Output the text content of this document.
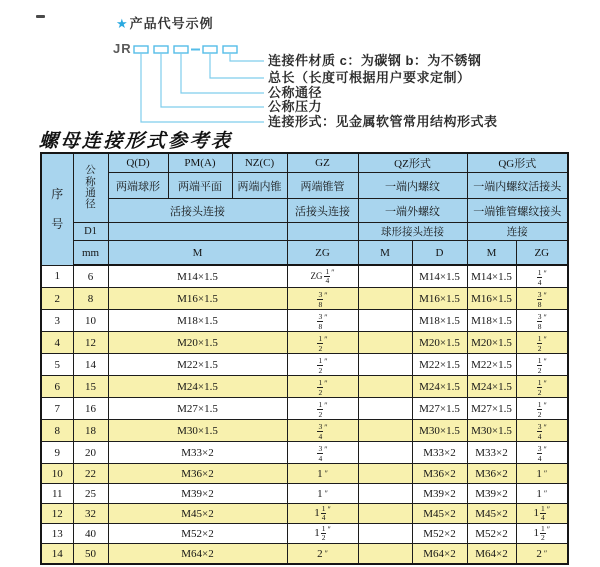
★产品代号示例
JR
连接件材质 c：为碳钢 b：为不锈钢
总长（长度可根据用户要求定制）
公称通径
公称压力
连接形式：见金属软管常用结构形式表
螺母连接形式参考表
序
号	公
称
通
径	Q(D)	PM(A)	NZ(C)	GZ	QZ形式		QG形式	
		两端球形	两端平面	两端内锥	两端锥管	一端内螺纹		一端内螺纹活接头	
		活接头连接			活接头连接	一端外螺纹		一端锥管螺纹接头	
	D1					球形接头连接		连接	
	mm	M			ZG	M	D	M	ZG
1	6	M14×1.5			ZG $\frac{1}{4}$ ″		M14×1.5	M14×1.5	$\frac{1}{4}$ ″

2	8	M16×1.5			$\frac{3}{8}$ ″		M16×1.5	M16×1.5	$\frac{3}{8}$ ″

3	10	M18×1.5			$\frac{3}{8}$ ″		M18×1.5	M18×1.5	$\frac{3}{8}$ ″

4	12	M20×1.5			$\frac{1}{2}$ ″		M20×1.5	M20×1.5	$\frac{1}{2}$ ″

5	14	M22×1.5			$\frac{1}{2}$ ″		M22×1.5	M22×1.5	$\frac{1}{2}$ ″

6	15	M24×1.5			$\frac{1}{2}$ ″		M24×1.5	M24×1.5	$\frac{1}{2}$ ″

7	16	M27×1.5			$\frac{1}{2}$ ″		M27×1.5	M27×1.5	$\frac{1}{2}$ ″

8	18	M30×1.5			$\frac{3}{4}$ ″		M30×1.5	M30×1.5	$\frac{3}{4}$ ″

9	20	M33×2			$\frac{3}{4}$ ″		M33×2	M33×2	$\frac{3}{4}$ ″

10	22	M36×2			1 ″		M36×2	M36×2	1 ″

11	25	M39×2			1 ″		M39×2	M39×2	1 ″

12	32	M45×2			$1 \frac{1}{4}$ ″		M45×2	M45×2	$1 \frac{1}{4}$ ″

13	40	M52×2			$1 \frac{1}{2}$ ″		M52×2	M52×2	$1 \frac{1}{2}$ ″

14	50	M64×2			2 ″		M64×2	M64×2	2 ″
